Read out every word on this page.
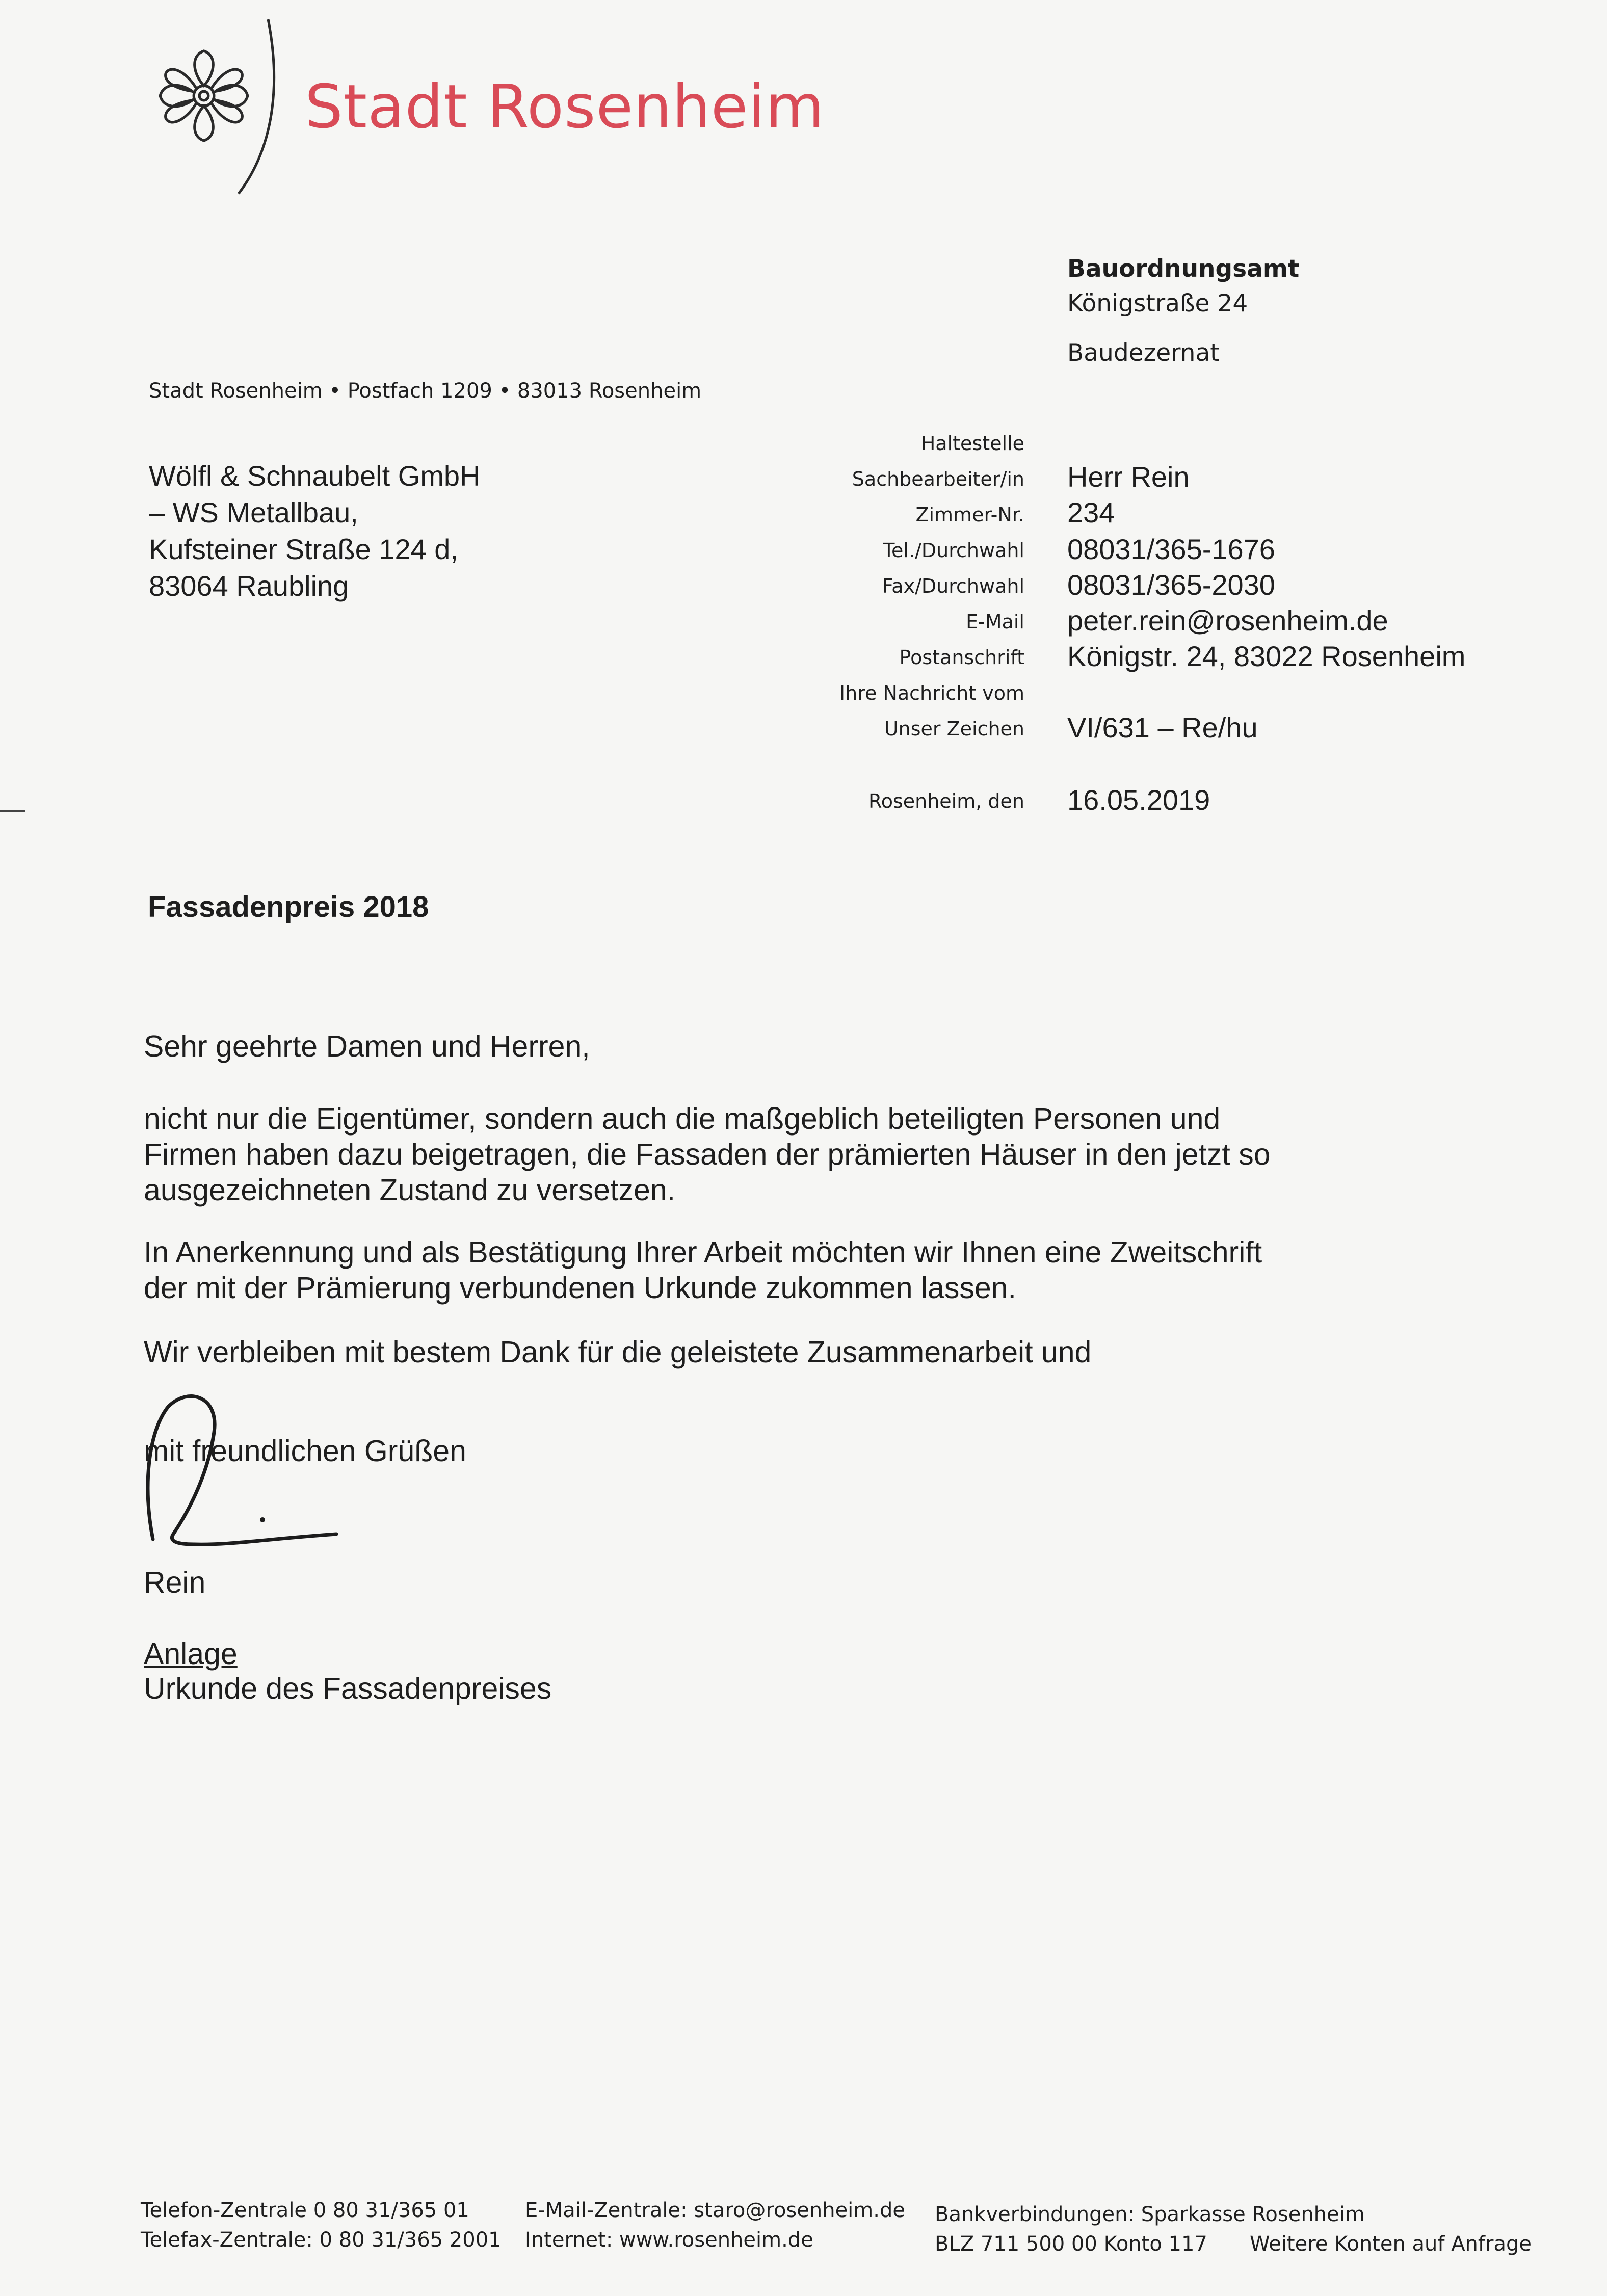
Stadt Rosenheim
Bauordnungsamt
Königstraße 24
Baudezernat
Stadt Rosenheim • Postfach 1209 • 83013 Rosenheim
Wölfl & Schnaubelt GmbH
– WS Metallbau,
Kufsteiner Straße 124 d,
83064 Raubling
Haltestelle
Sachbearbeiter/in
Zimmer-Nr.
Tel./Durchwahl
Fax/Durchwahl
E-Mail
Postanschrift
Ihre Nachricht vom
Unser Zeichen
Rosenheim, den
Herr Rein
234
08031/365-1676
08031/365-2030
peter.rein@rosenheim.de
Königstr. 24, 83022 Rosenheim
VI/631 – Re/hu
16.05.2019
Fassadenpreis 2018
Sehr geehrte Damen und Herren,
nicht nur die Eigentümer, sondern auch die maßgeblich beteiligten Personen und
Firmen haben dazu beigetragen, die Fassaden der prämierten Häuser in den jetzt so
ausgezeichneten Zustand zu versetzen.
In Anerkennung und als Bestätigung Ihrer Arbeit möchten wir Ihnen eine Zweitschrift
der mit der Prämierung verbundenen Urkunde zukommen lassen.
Wir verbleiben mit bestem Dank für die geleistete Zusammenarbeit und
mit freundlichen Grüßen
Rein
Anlage
Urkunde des Fassadenpreises
Telefon-Zentrale 0 80 31/365 01
Telefax-Zentrale: 0 80 31/365 2001
E-Mail-Zentrale: staro@rosenheim.de
Internet: www.rosenheim.de
Bankverbindungen: Sparkasse Rosenheim
BLZ 711 500 00 Konto 117 Weitere Konten auf Anfrage
